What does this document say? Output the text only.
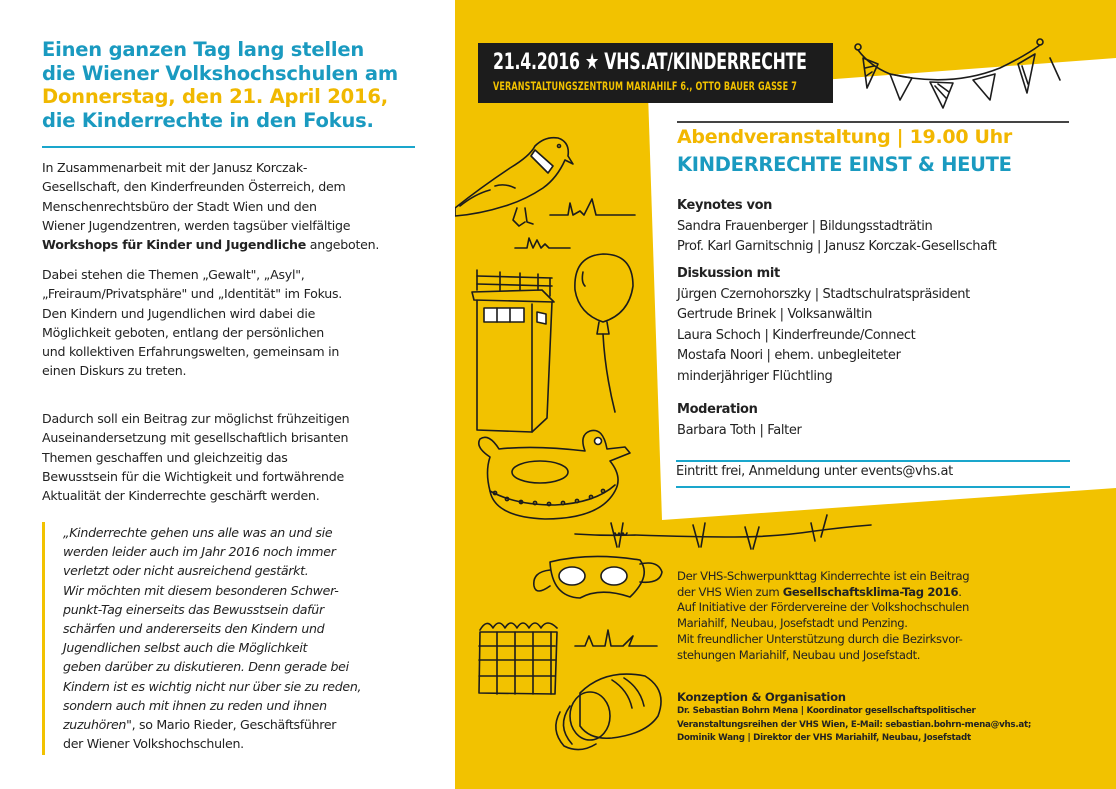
Einen ganzen Tag lang stellen
die Wiener Volkshochschulen am
Donnerstag, den 21. April 2016,
die Kinderrechte in den Fokus.
In Zusammenarbeit mit der Janusz Korczak-
Gesellschaft, den Kinderfreunden Österreich, dem
Menschenrechtsbüro der Stadt Wien und den
Wiener Jugendzentren, werden tagsüber vielfältige
Workshops für Kinder und Jugendliche angeboten.
Dabei stehen die Themen „Gewalt", „Asyl",
„Freiraum/Privatsphäre" und „Identität" im Fokus.
Den Kindern und Jugendlichen wird dabei die
Möglichkeit geboten, entlang der persönlichen
und kollektiven Erfahrungswelten, gemeinsam in
einen Diskurs zu treten.
Dadurch soll ein Beitrag zur möglichst frühzeitigen
Auseinandersetzung mit gesellschaftlich brisanten
Themen geschaffen und gleichzeitig das
Bewusstsein für die Wichtigkeit und fortwährende
Aktualität der Kinderrechte geschärft werden.
„Kinderrechte gehen uns alle was an und sie
werden leider auch im Jahr 2016 noch immer
verletzt oder nicht ausreichend gestärkt.
Wir möchten mit diesem besonderen Schwer-
punkt-Tag einerseits das Bewusstsein dafür
schärfen und andererseits den Kindern und
Jugendlichen selbst auch die Möglichkeit
geben darüber zu diskutieren. Denn gerade bei
Kindern ist es wichtig nicht nur über sie zu reden,
sondern auch mit ihnen zu reden und ihnen
zuzuhören", so Mario Rieder, Geschäftsführer
der Wiener Volkshochschulen.
21.4.2016 ★ VHS.AT/KINDERRECHTE
VERANSTALTUNGSZENTRUM MARIAHILF 6., OTTO BAUER GASSE 7
Abendveranstaltung | 19.00 Uhr
KINDERRECHTE EINST & HEUTE
Keynotes von
Sandra Frauenberger | Bildungsstadträtin
Prof. Karl Garnitschnig | Janusz Korczak-Gesellschaft
Diskussion mit
Jürgen Czernohorszky | Stadtschulratspräsident
Gertrude Brinek | Volksanwältin
Laura Schoch | Kinderfreunde/Connect
Mostafa Noori | ehem. unbegleiteter
minderjähriger Flüchtling
Moderation
Barbara Toth | Falter
Eintritt frei, Anmeldung unter events@vhs.at
Der VHS-Schwerpunkttag Kinderrechte ist ein Beitrag
der VHS Wien zum Gesellschaftsklima-Tag 2016.
Auf Initiative der Fördervereine der Volkshochschulen
Mariahilf, Neubau, Josefstadt und Penzing.
Mit freundlicher Unterstützung durch die Bezirksvor-
stehungen Mariahilf, Neubau und Josefstadt.
Konzeption & Organisation
Dr. Sebastian Bohrn Mena | Koordinator gesellschaftspolitischer
Veranstaltungsreihen der VHS Wien, E-Mail: sebastian.bohrn-mena@vhs.at;
Dominik Wang | Direktor der VHS Mariahilf, Neubau, Josefstadt
